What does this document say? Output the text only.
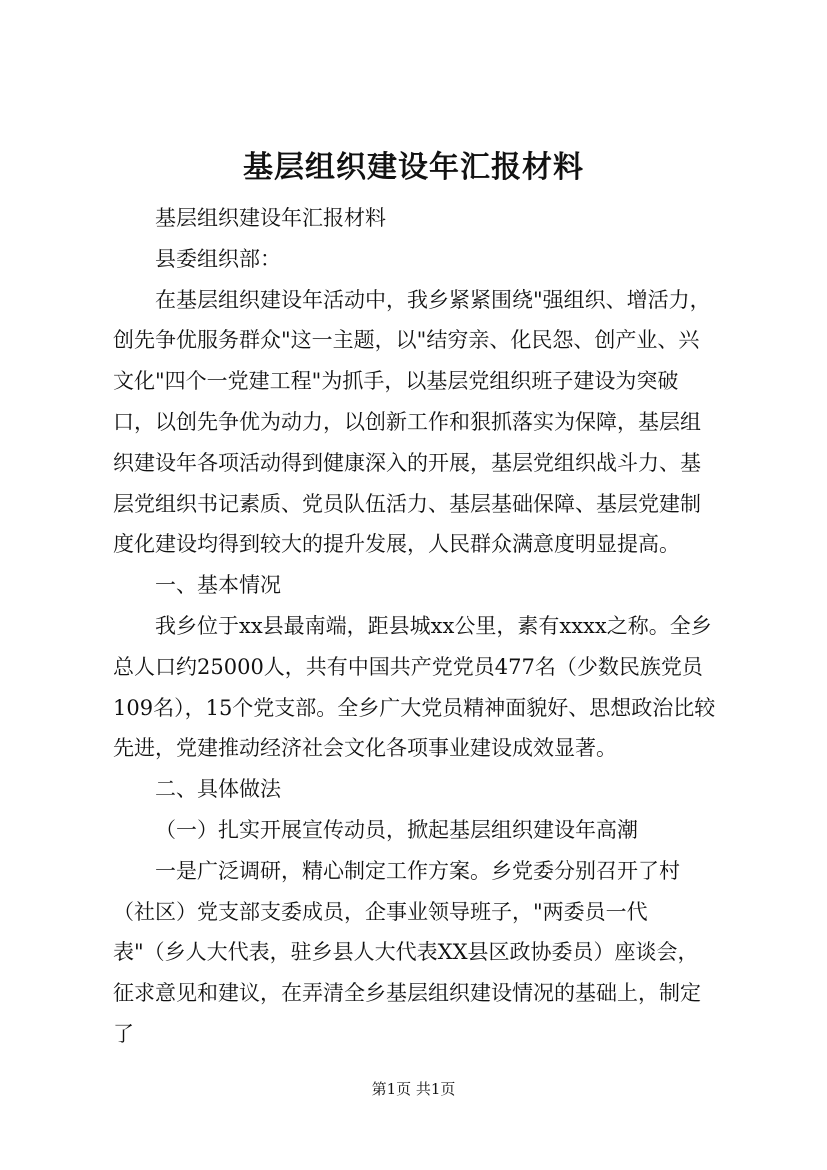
基层组织建设年汇报材料

基层组织建设年汇报材料

县委组织部：

在基层组织建设年活动中，我乡紧紧围绕"强组织、增活力，创先争优服务群众"这一主题，以"结穷亲、化民怨、创产业、兴文化"四个一党建工程"为抓手，以基层党组织班子建设为突破口，以创先争优为动力，以创新工作和狠抓落实为保障，基层组织建设年各项活动得到健康深入的开展，基层党组织战斗力、基层党组织书记素质、党员队伍活力、基层基础保障、基层党建制度化建设均得到较大的提升发展，人民群众满意度明显提高。

一、基本情况

我乡位于xx县最南端，距县城xx公里，素有xxxx之称。全乡总人口约25000人，共有中国共产党党员477名（少数民族党员109名），15个党支部。全乡广大党员精神面貌好、思想政治比较先进，党建推动经济社会文化各项事业建设成效显著。

二、具体做法

（一）扎实开展宣传动员，掀起基层组织建设年高潮

一是广泛调研，精心制定工作方案。乡党委分别召开了村（社区）党支部支委成员，企事业领导班子，"两委员一代表"（乡人大代表，驻乡县人大代表XX县区政协委员）座谈会，征求意见和建议，在弄清全乡基层组织建设情况的基础上，制定了

第1页 共1页
